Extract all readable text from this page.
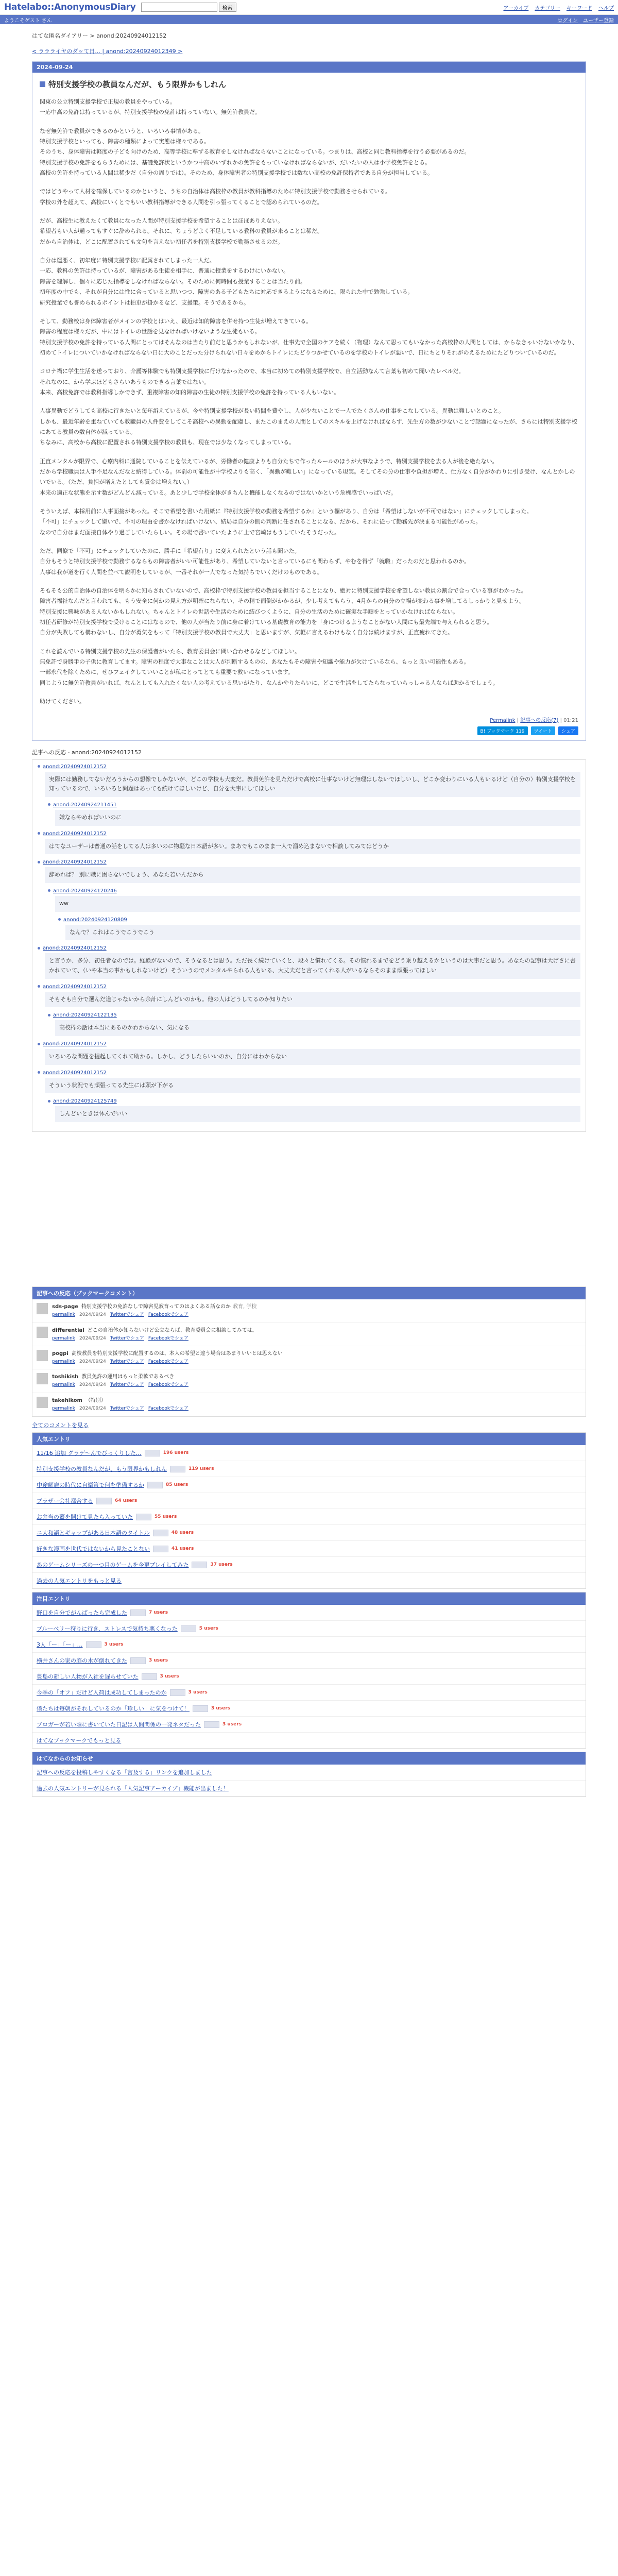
Hatelabo::AnonymousDiary	検索	アーカイブ カテゴリー キーワード ヘルプ
ようこそゲスト さん	ログイン ユーザー登録
はてな匿名ダイアリー > anond:20240924012152
< ララライヤのダッて日... | anond:20240924012349 >
2024-09-24
特別支援学校の教員なんだが、もう限界かもしれん

関東の公立特別支援学校で正規の教員をやっている。
一応中高の免許は持っているが、特別支援学校の免許は持っていない。無免許教員だ。

なぜ無免許で教員ができるのかというと、いろいろ事情がある。
特別支援学校といっても、障害の種類によって実態は様々である。
そのうち、身体障害は軽度の子ども向けのため、高等学校に準ずる教育をしなければならないことになっている。つまりは、高校と同じ教科指導を行う必要があるのだ。
特別支援学校の免許をもらうためには、基礎免許状というかつ中高のいずれかの免許をもっていなければならないが、だいたいの人は小学校免許をとる。
高校の免許を持っている人間は稀少だ（自分の周りでは）。そのため、身体障害者の特別支援学校では数ない高校の免許保持者である自分が担当している。

ではどうやって人材を確保しているのかというと、うちの自治体は高校枠の教員が教科指導のために特別支援学校で勤務させられている。
学校の外を超えて、高校にいくとでもいい教科指導ができる人間を引っ張ってくることで認められているのだ。

だが、高校生に教えたくて教員になった人間が特別支援学校を希望することはほぼありえない。
希望者もい人が通ってもすぐに辞められる。それに、ちょうどよく不足している教科の教員が来ることは稀だ。
だから自治体は、どこに配置されても文句を言えない初任者を特別支援学校で勤務させるのだ。

自分は運悪く、初年度に特別支援学校に配属されてしまった一人だ。
一応、教科の免許は持っているが、障害がある生徒を相手に、普通に授業をするわけにいかない。
障害を理解し、個々に応じた指導をしなければならない。そのために何時間も授業することは当たり前。
初年度の中でも、それが自分には性に合っていると思いつつ、障害のある子どもたちに対応できるようになるために、限られた中で勉強している。
研究授業でも誉められるポイントは拍車が掛かるなど、支援策。そうであるから。

そして、勤務校は身体障害者がメインの学校とはいえ、最近は知的障害を併せ持つ生徒が増えてきている。
障害の程度は様々だが、中にはトイレの世話を見なければいけないような生徒もいる。
特別支援学校の免許を持っている人間にとってはそんなのは当たり前だと思うかもしれないが、仕事先で全国のケアを続く（物理）なんて思ってもいなかった高校枠の人間としては、からなきゃいけないかなり、初めてトイレについていかなければならない日に大のことだった分けられない日々をめからトイレにたどりつかせているのを学校のトイレが悪いで、日にちとりそれがのえるためにたどりついているのだ。

コロナ禍に学生生活を送っており、介護等体験でも特別支援学校に行けなかったので、本当に初めての特別支援学校で、自立活動なんて言葉も初めて聞いたレベルだ。
それなのに、から学ぶほどもさらいあうものできる言葉ではない。
本来、高校免許では教科指導しかできず、重複障害の知的障害の生徒の特別支援学校の免許を持っている人もいない。

人事異動でどうしても高校に行きたいと毎年訴えているが、今や特別支援学校が長い時間を費やし、人が少ないことで一人でたくさんの仕事をこなしている。異動は難しいとのこと。
しかも、最近年齢を重ねていても教職員の人件費をしてこそ高校への異動を配慮し、またこのまえの人間としてのスキルを上げなければならず、先生方の数が少ないことで話題になったが、さらには特別支援学校にあてる教員の数自体が減っている。
ちなみに、高校から高校に配置される特別支援学校の教員も、現在では少なくなってしまっている。

正直メンタルが限界で、心療内科に通院していることを伝えているが、労働者の健康よりも自分たちで作ったルールのほうが大事なようで、特別支援学校を去る人が後を絶たない。
だから学校職員は人手不足なんだなと納得している。体罰の可能性が中学校よりも高く、「異動が難しい」になっている現実。そしてその分の仕事や負担が増え、仕方なく自分がかわりに引き受け、なんとかしのいでいる。（ただ、負担が増えたとしても賃金は増えない。）
本来の適正な状態を示す数がどんどん減っている。あと少しで学校全体がきちんと機能しなくなるのではないかという危機感でいっぱいだ。

そういえば、本採用前に人事面接があった。そこで希望を書いた用紙に『特別支援学校の勤務を希望するか』という欄があり、自分は「希望はしないが不可ではない」にチェックしてしまった。
「不可」にチェックして嫌いで、不可の理由を書かなければいけない、結局は自分の側の判断に任されることになる、だから、それに従って勤務先が決まる可能性があった。
なので自分はまだ面接自体やり過ごしていたらしい。その場で書いていたように上で宮崎はもうしていたそうだった。

ただ、同僚で「不可」にチェックしていたのに、勝手に「希望有り」に変えられたという話も聞いた。
自分もそうと特別支援学校で勤務するならもの障害者がいい可能性があり、希望していないと言っているにも関わらず、やむを得ず「就職」だったのだと思われるのか。
人事は我が道を行く人間を並べて説明をしているが、一番それが一人でなった気持ちでいくだけのものである。

そもそも公的自治体の自治体を明らかに知らされていないので、高校枠で特別支援学校の教員を担当することになり、絶対に特別支援学校を希望しない教員の割合で合っている事がわかった。
障害者福祉なんだと言われても、もう安全に何かの見え方が明確にならない、その精で面倒がかかるが、少し考えてもらう、4月からの自分の立場が変わる事を増してるしっかりと見せよう。
特別支援に興味がある人ないかもしれない。ちゃんとトイレの世話や生活のために結びつくように、自分の生活のために確実な手順をとっていかなければならない。
初任者研修が特別支援学校で受けることにはなるので、他の人が当たり前に身に着けている基礎教育の能力を「身につけるようなことがない人間にも最先端で与えられると思う。
自分が失敗しても構わないし、自分が勇気をもって「特別支援学校の教員で大丈夫」と思いますが、気軽に言えるわけもなく自分は続けますが、正直疲れてきた。

これを読んでいる特別支援学校の先生の保護者がいたら、教育委員会に問い合わせるなどしてほしい。
無免許で身勝手の子供に教育してます。障害の程度で大事なことは大人が判断するものの、あなたもその障害や知識や能力が欠けているなら、もっと良い可能性もある。
一部永代を除くために、ぜひフェイクしていいことが私にとってとても重要で救いになっています。
同じように無免許教員がいれば、なんとしても入れたくない人の考えている思いがたり、なんかやりたらいに、どこで生活をしてたらなっていらっしゃる人ならば助かるでしょう。

助けてください。

Permalink | 記事への反応(7) | 01:21
B! ブックマーク 119	ツイート	シェア
記事への反応 - anond:20240924012152
anond:20240924012152
実際には勤務してないだろうからの想像でしかないが、どこの学校も大変だ。教員免許を見ただけで高校に仕事ないけど無理はしないでほしいし、どこか変わりにいる人もいるけど（自分の）特別支援学校を知っているので、いろいろと問題はあっても続けてほしいけど、自分を大事にしてほしい
anond:20240924211451
嫌ならやめればいいのに
anond:20240924012152
はてなユーザーは普通の話をしてる人は多いのに物騒な日本語が多い。まあでもこのまま一人で溜め込まないで相談してみてはどうか
anond:20240924012152
辞めれば？ 別に職に困らないでしょう、あなた若いんだから
anond:20240924120246
ww
anond:20240924120809
なんで？これはこうでこうでこう
anond:20240924012152
と言うか、多分、初任者なのでは。経験がないので、そうなるとは思う。ただ長く続けていくと、段々と慣れてくる。その慣れるまでをどう乗り越えるかというのは大事だと思う。あなたの記事は大げさに書かれていて、（いや本当の事かもしれないけど）そういうのでメンタルやられる人もいる、大丈夫だと言ってくれる人がいるならそのまま頑張ってほしい
anond:20240924012152
そもそも自分で選んだ道じゃないから余計にしんどいのかも。他の人はどうしてるのか知りたい
anond:20240924122135
高校枠の話は本当にあるのかわからない、気になる
anond:20240924012152
いろいろな問題を提起してくれて助かる。しかし、どうしたらいいのか、自分にはわからない
anond:20240924012152
そういう状況でも頑張ってる先生には頭が下がる
anond:20240924125749
しんどいときは休んでいい
記事への反応（ブックマークコメント）
sds-page 特別支援学校の免許なしで障害児教育ってのはよくある話なのか 教育, 学校
permalink 2024/09/24 Twitterでシェア Facebookでシェア
differential どこの自治体か知らないけど公立ならば、教育委員会に相談してみては。
permalink 2024/09/24 Twitterでシェア Facebookでシェア
pogpi 高校教員を特別支援学校に配置するのは、本人の希望と違う場合はあまりいいとは思えない
permalink 2024/09/24 Twitterでシェア Facebookでシェア
toshikish 教員免許の運用はもっと柔軟であるべき
permalink 2024/09/24 Twitterでシェア Facebookでシェア
takehikom （特別）
permalink 2024/09/24 Twitterでシェア Facebookでシェア
全てのコメントを見る
人気エントリ
11/16 追加 グラデ〜んでびっくりした…	196 users
特別支援学校の教員なんだが、もう限界かもしれん	119 users
中途解雇の時代に自衛策で何を準備するか	85 users
ブラザー会社都合する	64 users
お弁当の蓋を開けて見たら入っていた	55 users
ニ大和語とギャップがある日本語のタイトル	48 users
好きな漫画を世代ではないから見たことない	41 users
あのゲームシリーズの一つ目のゲームを今更プレイしてみた	37 users
過去の人気エントリをもっと見る
注目エントリ
野口を自分でがんばったら完成した	7 users
ブルーベリー狩りに行き、ストレスで気持ち悪くなった	5 users
3人「ー」「ー」…	3 users
横井さんの家の庭の木が倒れてきた	3 users
豊島の新しい人物が入社を遅らせていた	3 users
今季の「オフ」だけど入荷は成功してしまったのか	3 users
僕たちは毎朝がそれしているのか「珍しい」に気をつけて！	3 users
ブロガーが若い頃に書いていた日記は人間関係の一発ネタだった	3 users
はてなブックマークでもっと見る
はてなからのお知らせ
記事への反応を投稿しやすくなる「言及する」リンクを追加しました
過去の人気エントリーが見られる「人気記事アーカイブ」機能が出ました！
